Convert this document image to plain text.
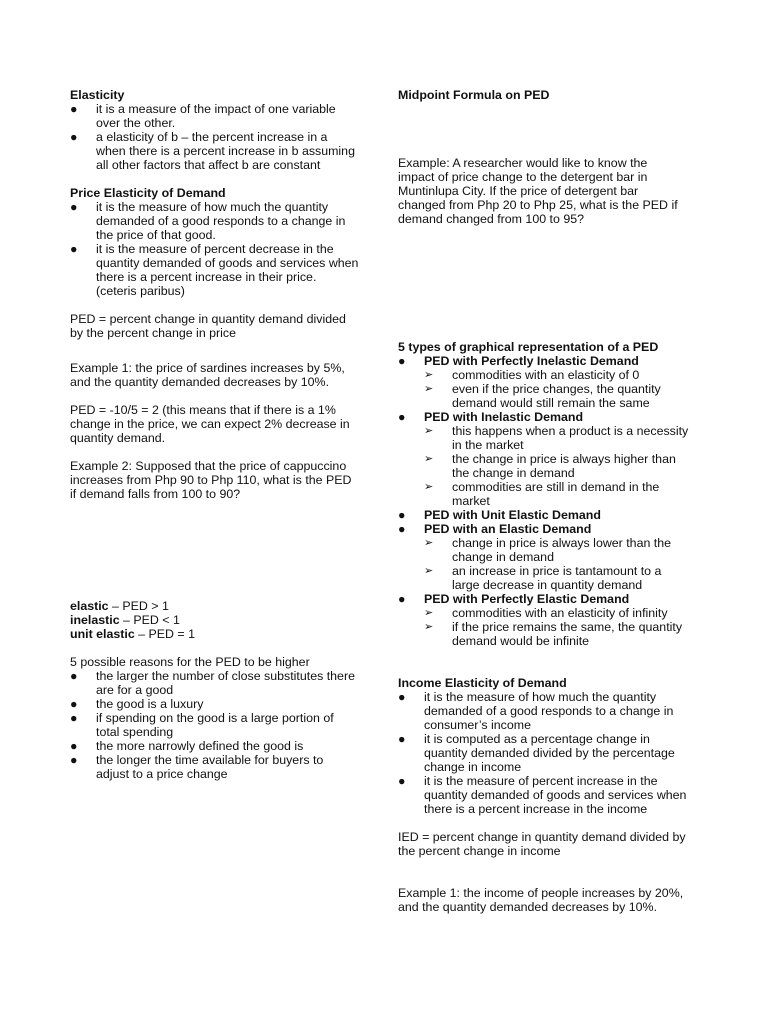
Elasticity
●	it is a measure of the impact of one variable
over the other.
●	a elasticity of b – the percent increase in a
when there is a percent increase in b assuming
all other factors that affect b are constant
Price Elasticity of Demand
●	it is the measure of how much the quantity
demanded of a good responds to a change in
the price of that good.
●	it is the measure of percent decrease in the
quantity demanded of goods and services when
there is a percent increase in their price.
(ceteris paribus)
PED = percent change in quantity demand divided
by the percent change in price
Example 1: the price of sardines increases by 5%,
and the quantity demanded decreases by 10%.
PED = -10/5 = 2 (this means that if there is a 1%
change in the price, we can expect 2% decrease in
quantity demand.
Example 2: Supposed that the price of cappuccino
increases from Php 90 to Php 110, what is the PED
if demand falls from 100 to 90?
elastic – PED > 1
inelastic – PED < 1
unit elastic – PED = 1
5 possible reasons for the PED to be higher
●	the larger the number of close substitutes there
are for a good
●	the good is a luxury
●	if spending on the good is a large portion of
total spending
●	the more narrowly defined the good is
●	the longer the time available for buyers to
adjust to a price change
Midpoint Formula on PED
Example: A researcher would like to know the
impact of price change to the detergent bar in
Muntinlupa City. If the price of detergent bar
changed from Php 20 to Php 25, what is the PED if
demand changed from 100 to 95?
5 types of graphical representation of a PED
●	PED with Perfectly Inelastic Demand
➢	commodities with an elasticity of 0
➢	even if the price changes, the quantity
demand would still remain the same
●	PED with Inelastic Demand
➢	this happens when a product is a necessity
in the market
➢	the change in price is always higher than
the change in demand
➢	commodities are still in demand in the
market
●	PED with Unit Elastic Demand
●	PED with an Elastic Demand
➢	change in price is always lower than the
change in demand
➢	an increase in price is tantamount to a
large decrease in quantity demand
●	PED with Perfectly Elastic Demand
➢	commodities with an elasticity of infinity
➢	if the price remains the same, the quantity
demand would be infinite
Income Elasticity of Demand
●	it is the measure of how much the quantity
demanded of a good responds to a change in
consumer’s income
●	it is computed as a percentage change in
quantity demanded divided by the percentage
change in income
●	it is the measure of percent increase in the
quantity demanded of goods and services when
there is a percent increase in the income
IED = percent change in quantity demand divided by
the percent change in income
Example 1: the income of people increases by 20%,
and the quantity demanded decreases by 10%.
